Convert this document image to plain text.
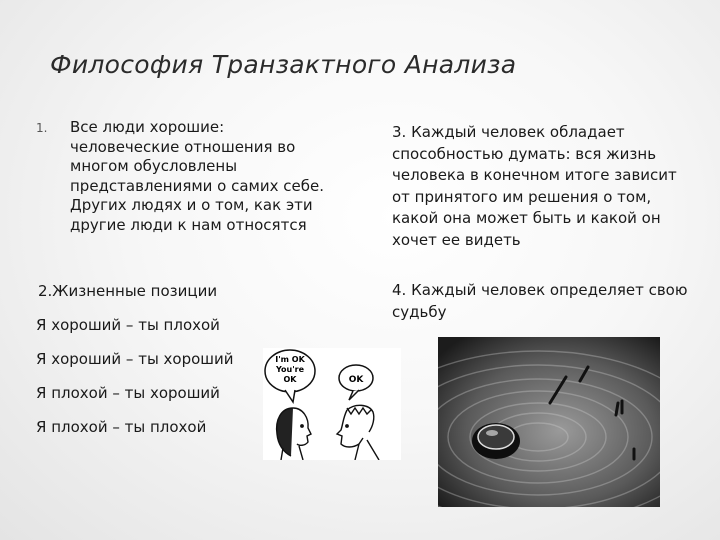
Философия Транзактного Анализа
1. Все люди хорошие: человеческие отношения во многом обусловлены представлениями о самих себе. Других людях и о том, как эти другие люди к нам относятся

2.Жизненные позиции
Я хороший – ты плохой
Я хороший – ты хороший
Я плохой – ты хороший
Я плохой – ты плохой

3. Каждый человек обладает способностью думать: вся жизнь человека в конечном итоге зависит от принятого им решения о том, какой она может быть и какой он хочет ее видеть

4. Каждый человек определяет свою судьбу

I'm OK
You're
OK	OK
